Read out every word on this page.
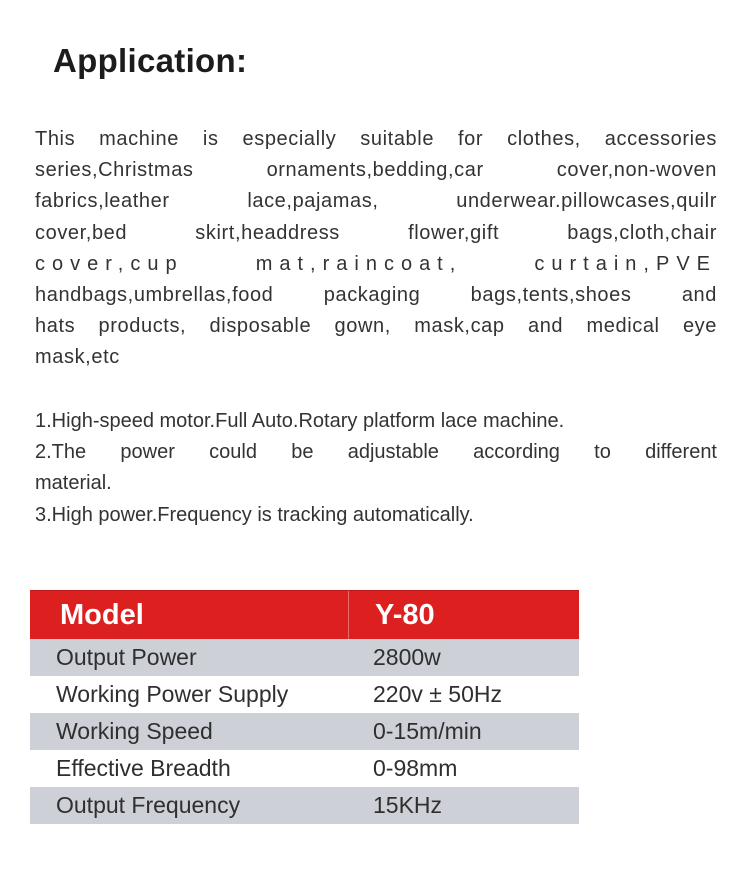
Application:
This machine is especially suitable for clothes, accessories
series,Christmas ornaments,bedding,car cover,non-woven
fabrics,leather lace,pajamas, underwear.pillowcases,quilr
cover,bed skirt,headdress flower,gift bags,cloth,chair
cover,cup mat,raincoat, curtain,PVE
handbags,umbrellas,food packaging bags,tents,shoes and
hats products, disposable gown, mask,cap and medical eye
mask,etc
1.High-speed motor.Full Auto.Rotary platform lace machine.
2.The power could be adjustable according to different
material.
3.High power.Frequency is tracking automatically.
Model	Y-80
Output Power	2800w
Working Power Supply	220v ± 50Hz
Working Speed	0-15m/min
Effective Breadth	0-98mm
Output Frequency	15KHz
